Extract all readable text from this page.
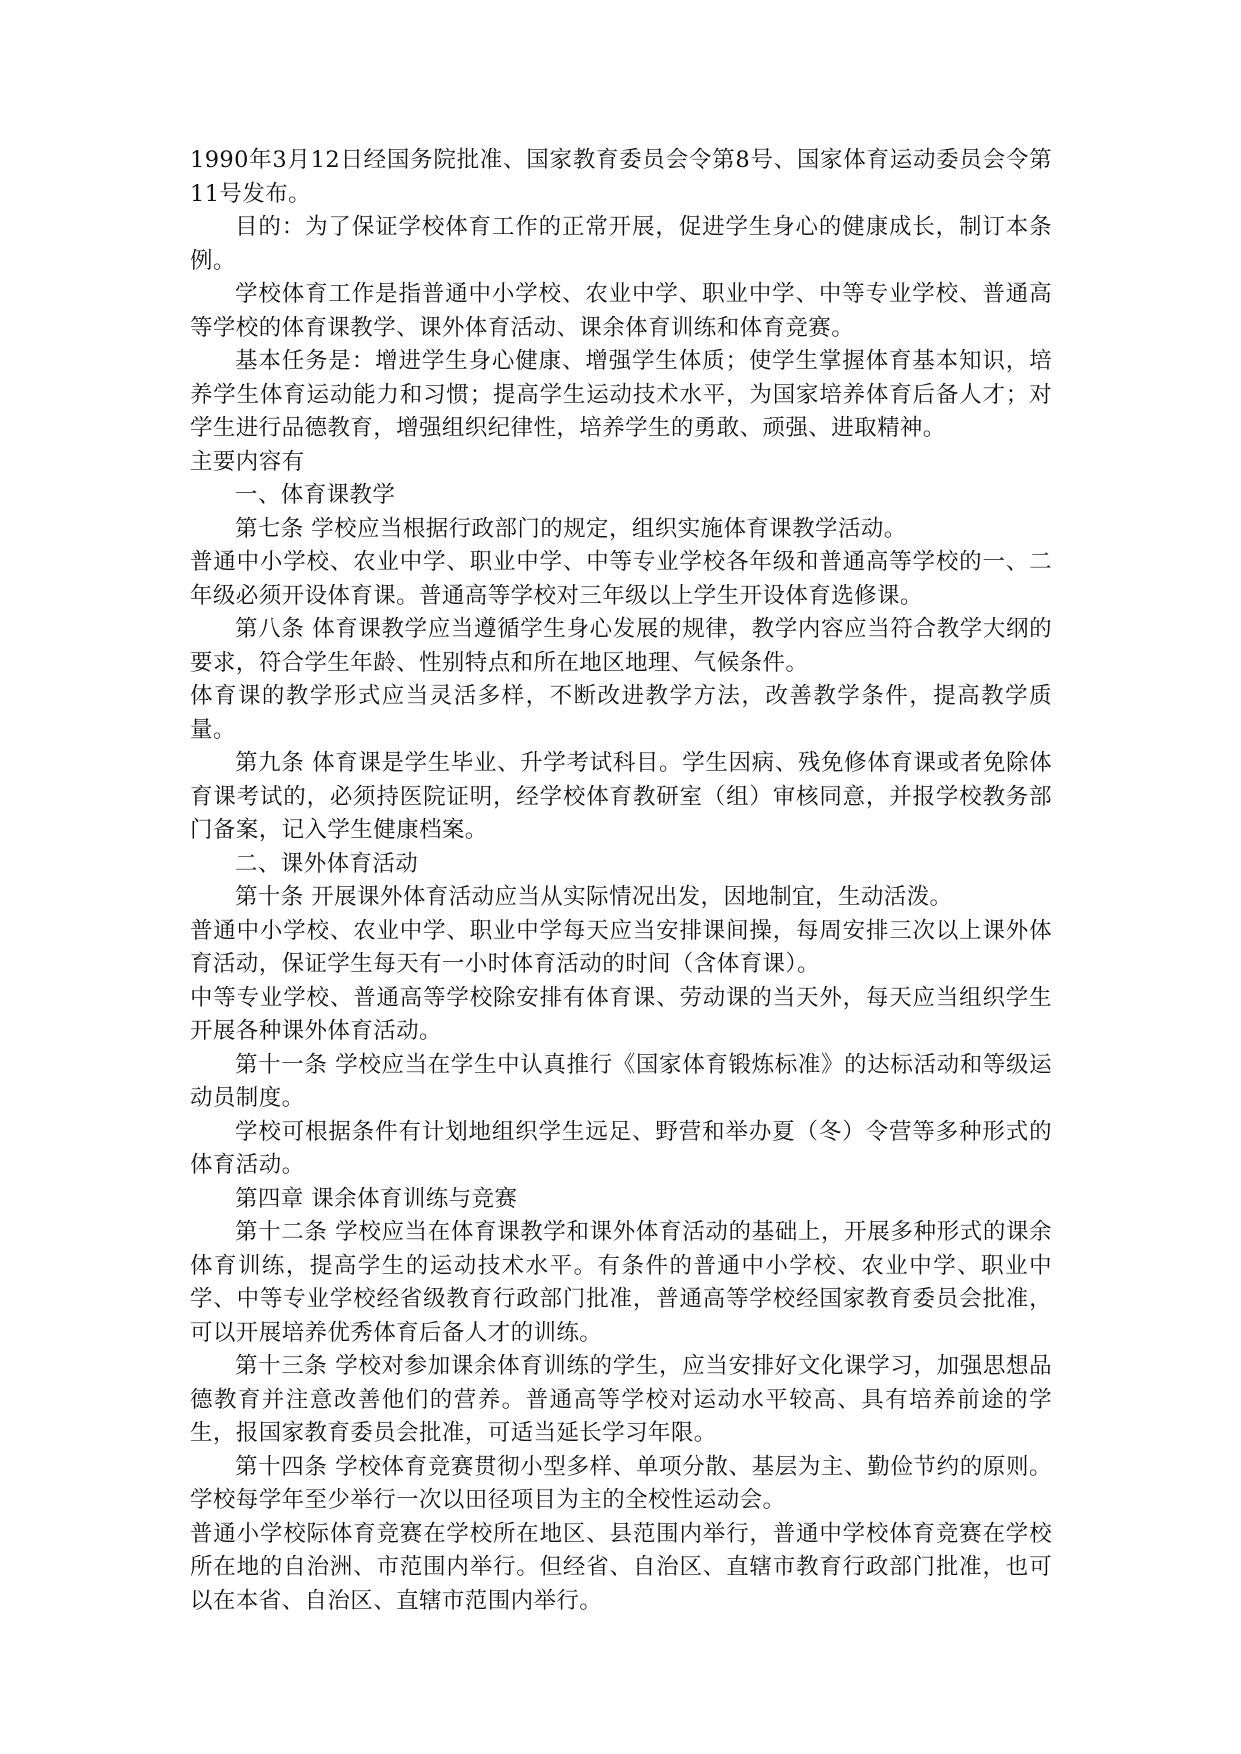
1990年3月12日经国务院批准、国家教育委员会令第8号、国家体育运动委员会令第11号发布。

目的：为了保证学校体育工作的正常开展，促进学生身心的健康成长，制订本条例。

学校体育工作是指普通中小学校、农业中学、职业中学、中等专业学校、普通高等学校的体育课教学、课外体育活动、课余体育训练和体育竞赛。

基本任务是：增进学生身心健康、增强学生体质；使学生掌握体育基本知识，培养学生体育运动能力和习惯；提高学生运动技术水平，为国家培养体育后备人才；对学生进行品德教育，增强组织纪律性，培养学生的勇敢、顽强、进取精神。

主要内容有

一、体育课教学

第七条 学校应当根据行政部门的规定，组织实施体育课教学活动。

普通中小学校、农业中学、职业中学、中等专业学校各年级和普通高等学校的一、二年级必须开设体育课。普通高等学校对三年级以上学生开设体育选修课。

第八条 体育课教学应当遵循学生身心发展的规律，教学内容应当符合教学大纲的要求，符合学生年龄、性别特点和所在地区地理、气候条件。

体育课的教学形式应当灵活多样，不断改进教学方法，改善教学条件，提高教学质量。

第九条 体育课是学生毕业、升学考试科目。学生因病、残免修体育课或者免除体育课考试的，必须持医院证明，经学校体育教研室（组）审核同意，并报学校教务部门备案，记入学生健康档案。

二、课外体育活动

第十条 开展课外体育活动应当从实际情况出发，因地制宜，生动活泼。

普通中小学校、农业中学、职业中学每天应当安排课间操，每周安排三次以上课外体育活动，保证学生每天有一小时体育活动的时间（含体育课）。

中等专业学校、普通高等学校除安排有体育课、劳动课的当天外，每天应当组织学生开展各种课外体育活动。

第十一条 学校应当在学生中认真推行《国家体育锻炼标准》的达标活动和等级运动员制度。

学校可根据条件有计划地组织学生远足、野营和举办夏（冬）令营等多种形式的体育活动。

第四章 课余体育训练与竞赛

第十二条 学校应当在体育课教学和课外体育活动的基础上，开展多种形式的课余体育训练，提高学生的运动技术水平。有条件的普通中小学校、农业中学、职业中学、中等专业学校经省级教育行政部门批准，普通高等学校经国家教育委员会批准，可以开展培养优秀体育后备人才的训练。

第十三条 学校对参加课余体育训练的学生，应当安排好文化课学习，加强思想品德教育并注意改善他们的营养。普通高等学校对运动水平较高、具有培养前途的学生，报国家教育委员会批准，可适当延长学习年限。

第十四条 学校体育竞赛贯彻小型多样、单项分散、基层为主、勤俭节约的原则。学校每学年至少举行一次以田径项目为主的全校性运动会。

普通小学校际体育竞赛在学校所在地区、县范围内举行，普通中学校体育竞赛在学校所在地的自治洲、市范围内举行。但经省、自治区、直辖市教育行政部门批准，也可以在本省、自治区、直辖市范围内举行。
